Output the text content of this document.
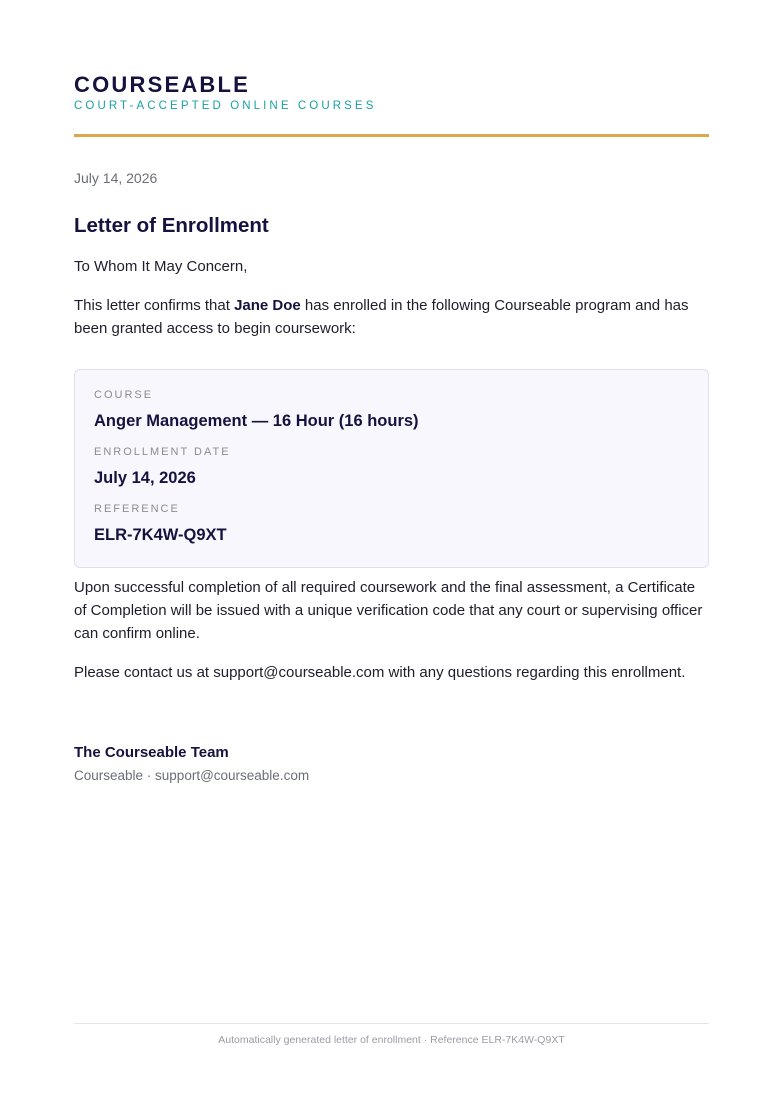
COURSEABLE
COURT-ACCEPTED ONLINE COURSES
July 14, 2026
Letter of Enrollment
To Whom It May Concern,
This letter confirms that Jane Doe has enrolled in the following Courseable program and has been granted access to begin coursework:
COURSE
Anger Management — 16 Hour (16 hours)
ENROLLMENT DATE
July 14, 2026
REFERENCE
ELR-7K4W-Q9XT
Upon successful completion of all required coursework and the final assessment, a Certificate of Completion will be issued with a unique verification code that any court or supervising officer can confirm online.
Please contact us at support@courseable.com with any questions regarding this enrollment.
The Courseable Team
Courseable · support@courseable.com
Automatically generated letter of enrollment · Reference ELR-7K4W-Q9XT
